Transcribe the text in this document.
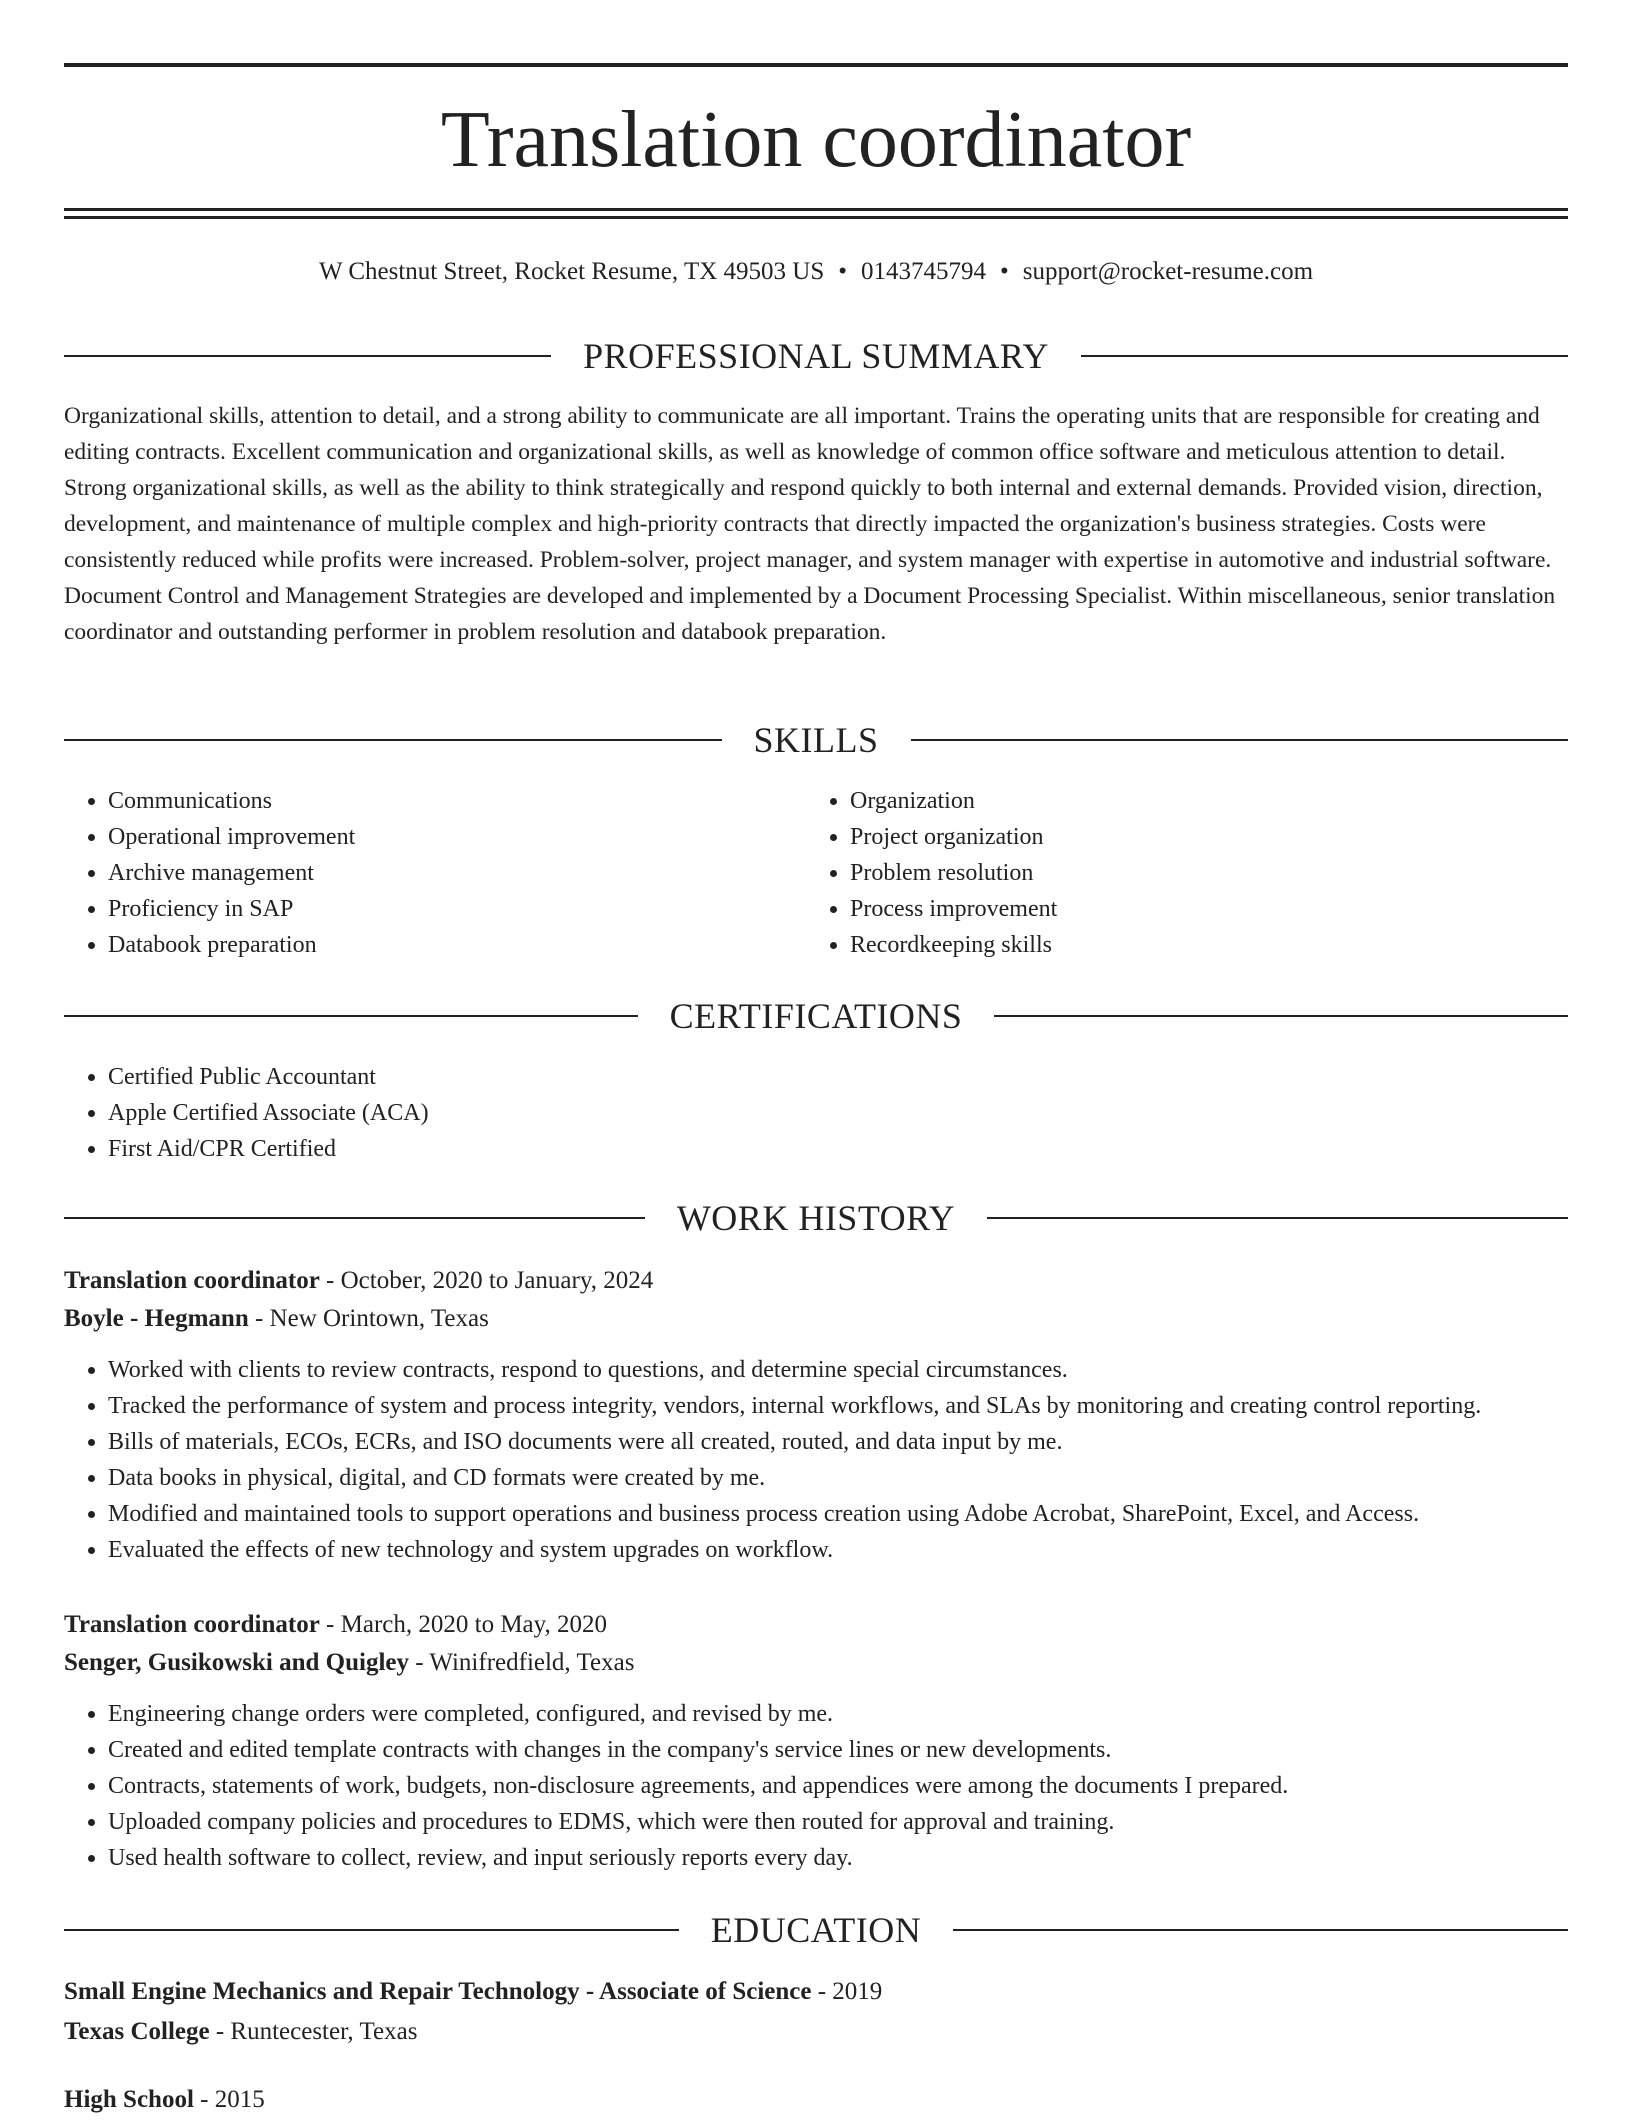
Translation coordinator
W Chestnut Street, Rocket Resume, TX 49503 US • 0143745794 • support@rocket-resume.com
PROFESSIONAL SUMMARY

Organizational skills, attention to detail, and a strong ability to communicate are all important. Trains the operating units that are responsible for creating and editing contracts. Excellent communication and organizational skills, as well as knowledge of common office software and meticulous attention to detail. Strong organizational skills, as well as the ability to think strategically and respond quickly to both internal and external demands. Provided vision, direction, development, and maintenance of multiple complex and high-priority contracts that directly impacted the organization's business strategies. Costs were consistently reduced while profits were increased. Problem-solver, project manager, and system manager with expertise in automotive and industrial software. Document Control and Management Strategies are developed and implemented by a Document Processing Specialist. Within miscellaneous, senior translation coordinator and outstanding performer in problem resolution and databook preparation.

SKILLS
• Communications
• Operational improvement
• Archive management
• Proficiency in SAP
• Databook preparation
• Organization
• Project organization
• Problem resolution
• Process improvement
• Recordkeeping skills
CERTIFICATIONS
• Certified Public Accountant
• Apple Certified Associate (ACA)
• First Aid/CPR Certified
WORK HISTORY
Translation coordinator - October, 2020 to January, 2024
Boyle - Hegmann - New Orintown, Texas
• Worked with clients to review contracts, respond to questions, and determine special circumstances.
• Tracked the performance of system and process integrity, vendors, internal workflows, and SLAs by monitoring and creating control reporting.
• Bills of materials, ECOs, ECRs, and ISO documents were all created, routed, and data input by me.
• Data books in physical, digital, and CD formats were created by me.
• Modified and maintained tools to support operations and business process creation using Adobe Acrobat, SharePoint, Excel, and Access.
• Evaluated the effects of new technology and system upgrades on workflow.
Translation coordinator - March, 2020 to May, 2020
Senger, Gusikowski and Quigley - Winifredfield, Texas
• Engineering change orders were completed, configured, and revised by me.
• Created and edited template contracts with changes in the company's service lines or new developments.
• Contracts, statements of work, budgets, non-disclosure agreements, and appendices were among the documents I prepared.
• Uploaded company policies and procedures to EDMS, which were then routed for approval and training.
• Used health software to collect, review, and input seriously reports every day.
EDUCATION
Small Engine Mechanics and Repair Technology - Associate of Science - 2019
Texas College - Runtecester, Texas
High School - 2015
